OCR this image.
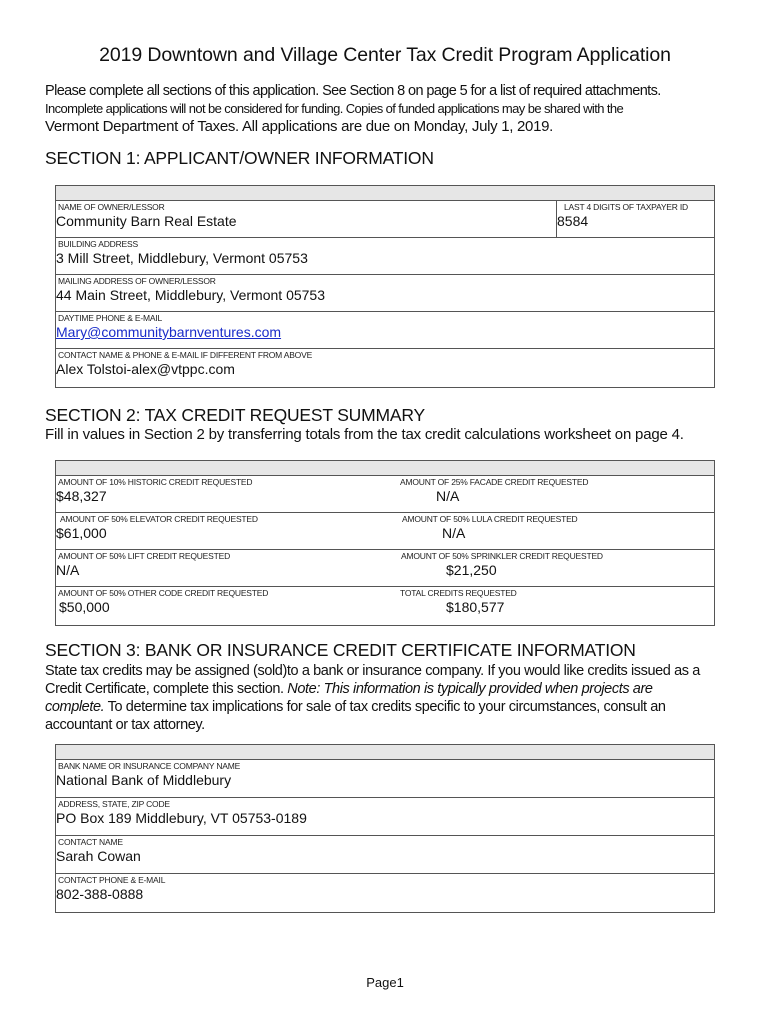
2019 Downtown and Village Center Tax Credit Program Application

Please complete all sections of this application. See Section 8 on page 5 for a list of required attachments.

Incomplete applications will not be considered for funding. Copies of funded applications may be shared with the

Vermont Department of Taxes. All applications are due on Monday, July 1, 2019.

SECTION 1: APPLICANT/OWNER INFORMATION
NAME OF OWNER/LESSOR
Community Barn Real Estate
LAST 4 DIGITS OF TAXPAYER ID
8584
BUILDING ADDRESS
3 Mill Street, Middlebury, Vermont 05753
MAILING ADDRESS OF OWNER/LESSOR
44 Main Street, Middlebury, Vermont 05753
DAYTIME PHONE & E-MAIL
Mary@communitybarnventures.com
CONTACT NAME & PHONE & E-MAIL IF DIFFERENT FROM ABOVE
Alex Tolstoi-alex@vtppc.com
SECTION 2: TAX CREDIT REQUEST SUMMARY
Fill in values in Section 2 by transferring totals from the tax credit calculations worksheet on page 4.
AMOUNT OF 10% HISTORIC CREDIT REQUESTED
$48,327
AMOUNT OF 25% FACADE CREDIT REQUESTED
N/A
AMOUNT OF 50% ELEVATOR CREDIT REQUESTED
$61,000
AMOUNT OF 50% LULA CREDIT REQUESTED
N/A
AMOUNT OF 50% LIFT CREDIT REQUESTED
N/A
AMOUNT OF 50% SPRINKLER CREDIT REQUESTED
$21,250
AMOUNT OF 50% OTHER CODE CREDIT REQUESTED
$50,000
TOTAL CREDITS REQUESTED
$180,577
SECTION 3: BANK OR INSURANCE CREDIT CERTIFICATE INFORMATION

State tax credits may be assigned (sold)to a bank or insurance company. If you would like credits issued as a

Credit Certificate, complete this section. Note: This information is typically provided when projects are

complete. To determine tax implications for sale of tax credits specific to your circumstances, consult an

accountant or tax attorney.

BANK NAME OR INSURANCE COMPANY NAME
National Bank of Middlebury
ADDRESS, STATE, ZIP CODE
PO Box 189 Middlebury, VT 05753-0189
CONTACT NAME
Sarah Cowan
CONTACT PHONE & E-MAIL
802-388-0888
Page1
